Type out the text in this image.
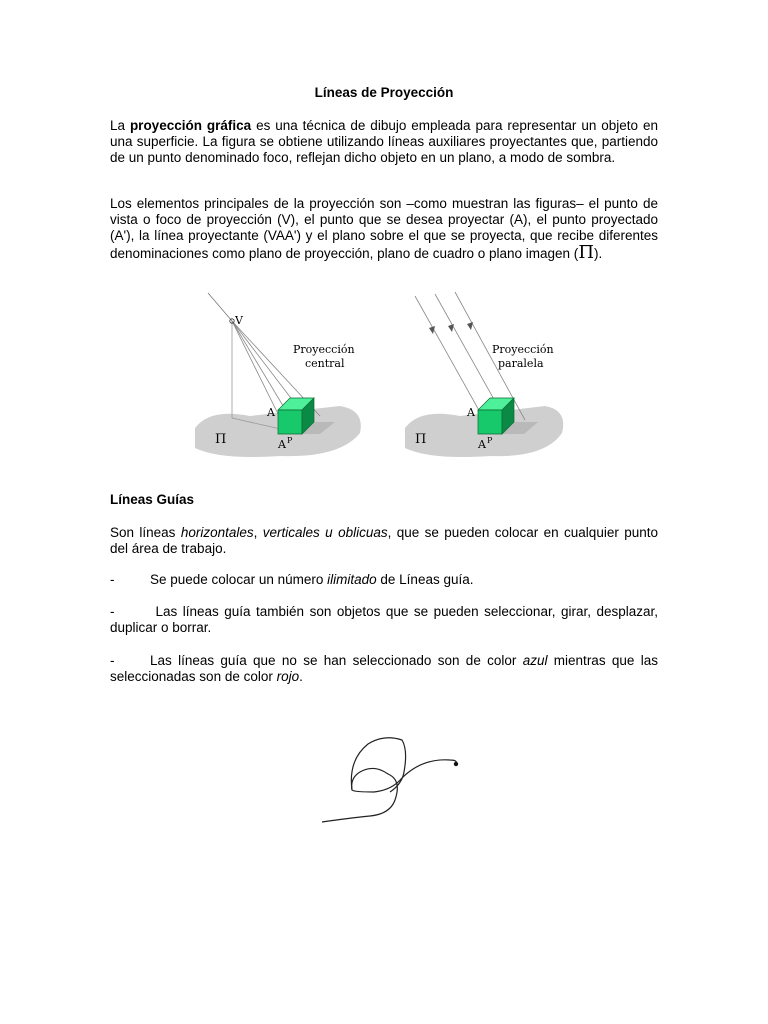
Líneas de Proyección
La proyección gráfica es una técnica de dibujo empleada para representar un objeto en una superficie. La figura se obtiene utilizando líneas auxiliares proyectantes que, partiendo de un punto denominado foco, reflejan dicho objeto en un plano, a modo de sombra.
Los elementos principales de la proyección son –como muestran las figuras– el punto de vista o foco de proyección (V), el punto que se desea proyectar (A), el punto proyectado (A'), la línea proyectante (VAA') y el plano sobre el que se proyecta, que recibe diferentes denominaciones como plano de proyección, plano de cuadro o plano imagen (Π).
V
Proyección
central
A
A P
Π
Proyección
paralela
A
A P
Π
Líneas Guías
Son líneas horizontales, verticales u oblicuas, que se pueden colocar en cualquier punto del área de trabajo.
-	Se puede colocar un número ilimitado de Líneas guía.
-	Las líneas guía también son objetos que se pueden seleccionar, girar, desplazar, duplicar o borrar.
-	Las líneas guía que no se han seleccionado son de color azul mientras que las seleccionadas son de color rojo.
